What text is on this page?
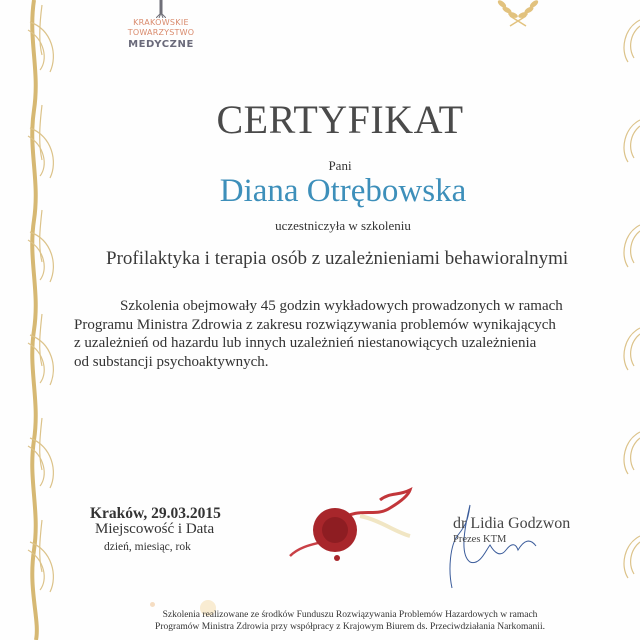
KRAKOWSKIE
TOWARZYSTWO
MEDYCZNE
CERTYFIKAT
Pani
Diana Otrębowska
uczestniczyła w szkoleniu
Profilaktyka i terapia osób z uzależnieniami behawioralnymi
Szkolenia obejmowały 45 godzin wykładowych prowadzonych w ramach
Programu Ministra Zdrowia z zakresu rozwiązywania problemów wynikających
z uzależnień od hazardu lub innych uzależnień niestanowiących uzależnienia
od substancji psychoaktywnych.
Kraków, 29.03.2015
Miejscowość i Data
dzień, miesiąc, rok
dr Lidia Godzwon
Prezes KTM
Szkolenia realizowane ze środków Funduszu Rozwiązywania Problemów Hazardowych w ramach
Programów Ministra Zdrowia przy współpracy z Krajowym Biurem ds. Przeciwdziałania Narkomanii.
